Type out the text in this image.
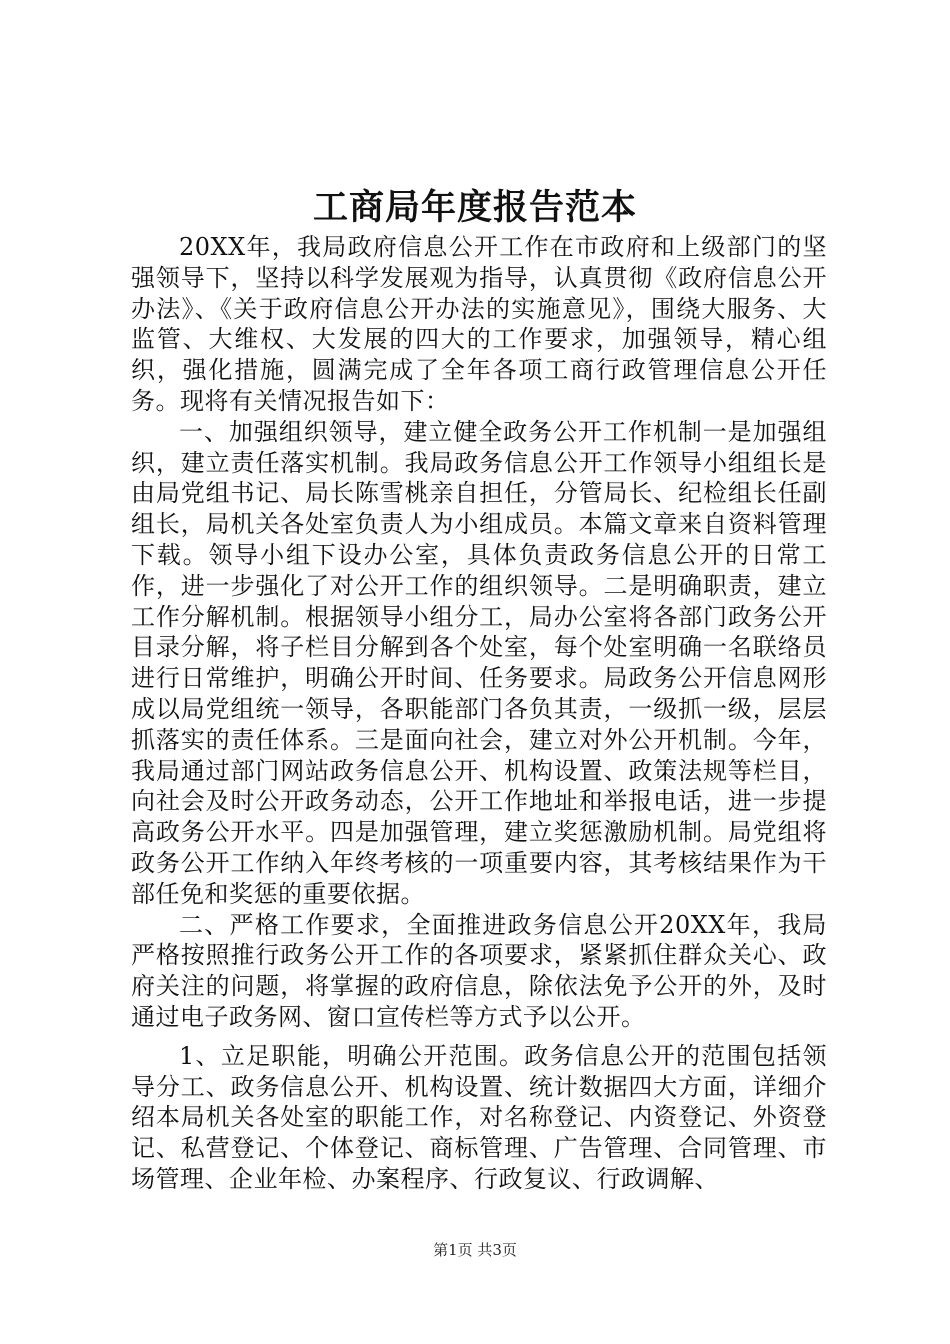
工商局年度报告范本

20XX年，我局政府信息公开工作在市政府和上级部门的坚强领导下，坚持以科学发展观为指导，认真贯彻《政府信息公开办法》、《关于政府信息公开办法的实施意见》，围绕大服务、大监管、大维权、大发展的四大的工作要求，加强领导，精心组织，强化措施，圆满完成了全年各项工商行政管理信息公开任务。现将有关情况报告如下：

一、加强组织领导，建立健全政务公开工作机制一是加强组织，建立责任落实机制。我局政务信息公开工作领导小组组长是由局党组书记、局长陈雪桃亲自担任，分管局长、纪检组长任副组长，局机关各处室负责人为小组成员。本篇文章来自资料管理下载。领导小组下设办公室，具体负责政务信息公开的日常工作，进一步强化了对公开工作的组织领导。二是明确职责，建立工作分解机制。根据领导小组分工，局办公室将各部门政务公开目录分解，将子栏目分解到各个处室，每个处室明确一名联络员进行日常维护，明确公开时间、任务要求。局政务公开信息网形成以局党组统一领导，各职能部门各负其责，一级抓一级，层层抓落实的责任体系。三是面向社会，建立对外公开机制。今年，我局通过部门网站政务信息公开、机构设置、政策法规等栏目，向社会及时公开政务动态，公开工作地址和举报电话，进一步提高政务公开水平。四是加强管理，建立奖惩激励机制。局党组将政务公开工作纳入年终考核的一项重要内容，其考核结果作为干部任免和奖惩的重要依据。

二、严格工作要求，全面推进政务信息公开20XX年，我局严格按照推行政务公开工作的各项要求，紧紧抓住群众关心、政府关注的问题，将掌握的政府信息，除依法免予公开的外，及时通过电子政务网、窗口宣传栏等方式予以公开。

1、立足职能，明确公开范围。政务信息公开的范围包括领导分工、政务信息公开、机构设置、统计数据四大方面，详细介绍本局机关各处室的职能工作，对名称登记、内资登记、外资登记、私营登记、个体登记、商标管理、广告管理、合同管理、市场管理、企业年检、办案程序、行政复议、行政调解、

第1页 共3页
